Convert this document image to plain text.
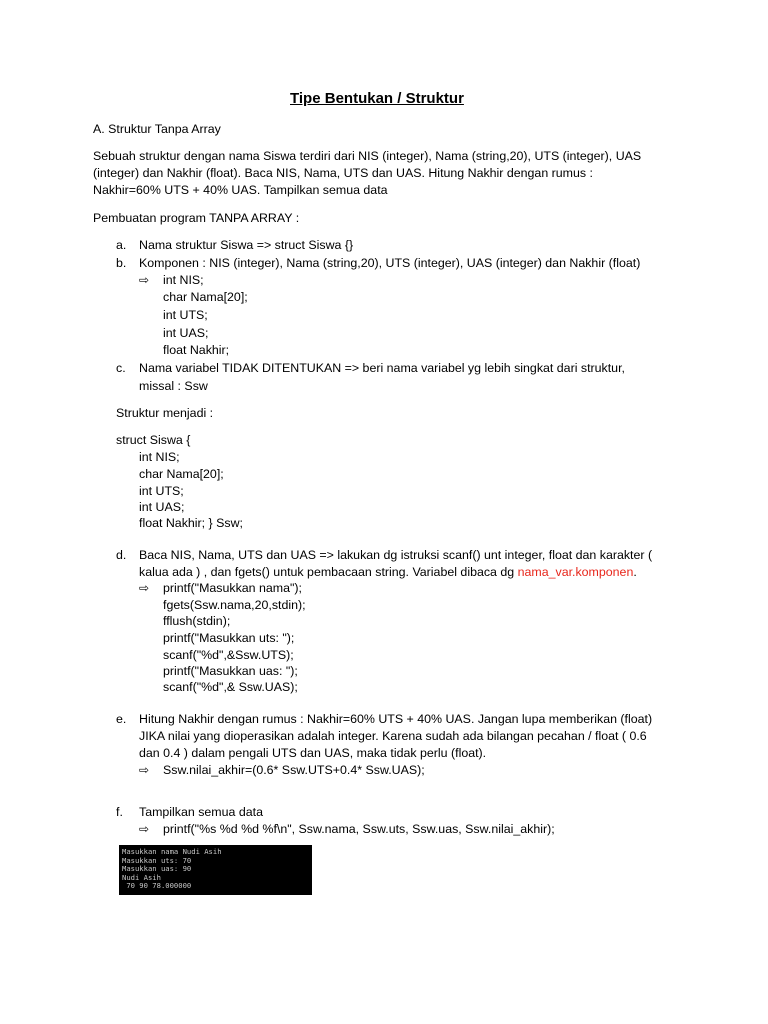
Tipe Bentukan / Struktur
A. Struktur Tanpa Array
Sebuah struktur dengan nama Siswa terdiri dari NIS (integer), Nama (string,20), UTS (integer), UAS
(integer) dan Nakhir (float). Baca NIS, Nama, UTS dan UAS. Hitung Nakhir dengan rumus :
Nakhir=60% UTS + 40% UAS. Tampilkan semua data
Pembuatan program TANPA ARRAY :
a. Nama struktur Siswa => struct Siswa {}
b. Komponen : NIS (integer), Nama (string,20), UTS (integer), UAS (integer) dan Nakhir (float)
⇨ int NIS;
char Nama[20];
int UTS;
int UAS;
float Nakhir;
c. Nama variabel TIDAK DITENTUKAN => beri nama variabel yg lebih singkat dari struktur,
missal : Ssw
Struktur menjadi :
struct Siswa {
int NIS;
char Nama[20];
int UTS;
int UAS;
float Nakhir; } Ssw;
d. Baca NIS, Nama, UTS dan UAS => lakukan dg istruksi scanf() unt integer, float dan karakter (
kalua ada ) , dan fgets() untuk pembacaan string. Variabel dibaca dg nama_var.komponen.
⇨ printf("Masukkan nama");
fgets(Ssw.nama,20,stdin);
fflush(stdin);
printf("Masukkan uts: ");
scanf("%d",&Ssw.UTS);
printf("Masukkan uas: ");
scanf("%d",& Ssw.UAS);
e. Hitung Nakhir dengan rumus : Nakhir=60% UTS + 40% UAS. Jangan lupa memberikan (float)
JIKA nilai yang dioperasikan adalah integer. Karena sudah ada bilangan pecahan / float ( 0.6
dan 0.4 ) dalam pengali UTS dan UAS, maka tidak perlu (float).
⇨ Ssw.nilai_akhir=(0.6* Ssw.UTS+0.4* Ssw.UAS);
f. Tampilkan semua data
⇨ printf("%s %d %d %f\n", Ssw.nama, Ssw.uts, Ssw.uas, Ssw.nilai_akhir);
Masukkan nama Nudi Asih
Masukkan uts: 70
Masukkan uas: 90
Nudi Asih
70 90 78.000000
